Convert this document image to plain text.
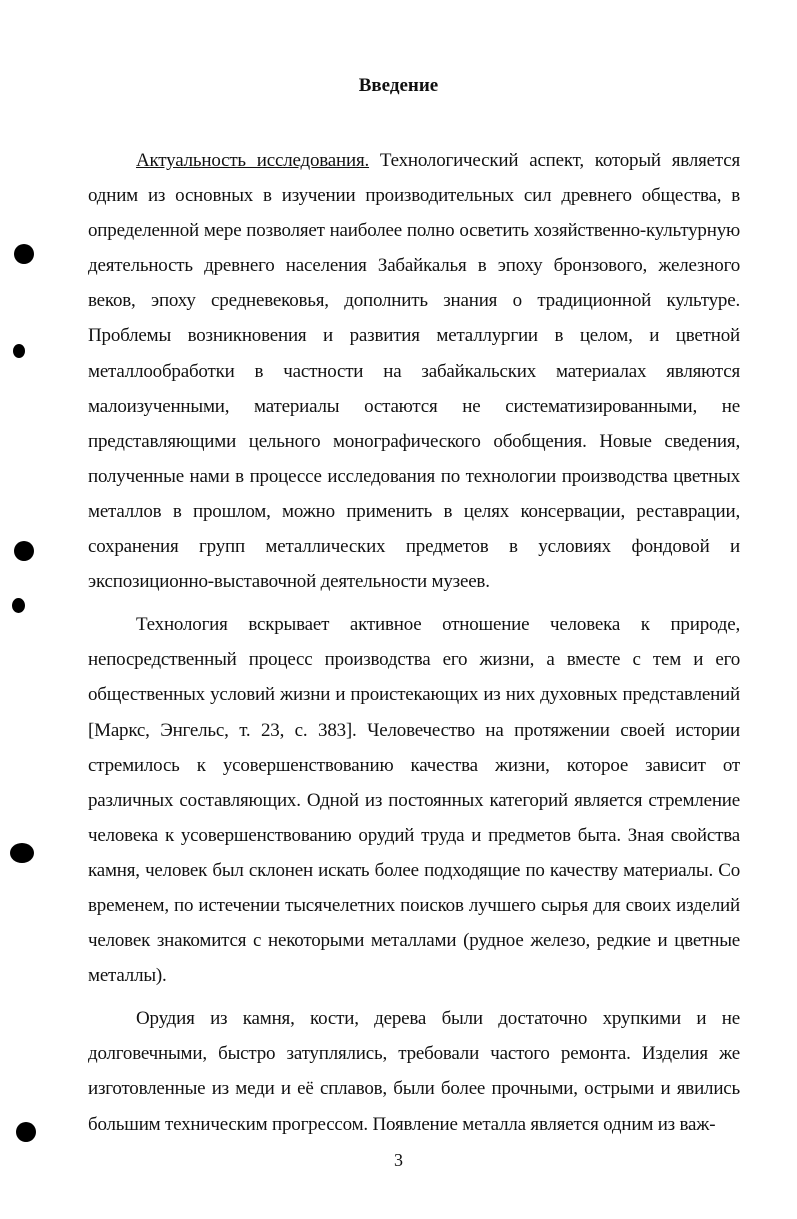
Введение

Актуальность исследования. Технологический аспект, который является одним из основных в изучении производительных сил древнего общества, в определенной мере позволяет наиболее полно осветить хозяйственно-культурную деятельность древнего населения Забайкалья в эпоху бронзового, железного веков, эпоху средневековья, дополнить знания о традиционной культуре. Проблемы возникновения и развития металлургии в целом, и цветной металлообработки в частности на забайкальских материалах являются малоизученными, материалы остаются не систематизированными, не представляющими цельного монографического обобщения. Новые сведения, полученные нами в процессе исследования по технологии производства цветных металлов в прошлом, можно применить в целях консервации, реставрации, сохранения групп металлических предметов в условиях фондовой и экспозиционно-выставочной деятельности музеев.

Технология вскрывает активное отношение человека к природе, непосредственный процесс производства его жизни, а вместе с тем и его общественных условий жизни и проистекающих из них духовных представлений [Маркс, Энгельс, т. 23, с. 383]. Человечество на протяжении своей истории стремилось к усовершенствованию качества жизни, которое зависит от различных составляющих. Одной из постоянных категорий является стремление человека к усовершенствованию орудий труда и предметов быта. Зная свойства камня, человек был склонен искать более подходящие по качеству материалы. Со временем, по истечении тысячелетних поисков лучшего сырья для своих изделий человек знакомится с некоторыми металлами (рудное железо, редкие и цветные металлы).

Орудия из камня, кости, дерева были достаточно хрупкими и не долговечными, быстро затуплялись, требовали частого ремонта. Изделия же изготовленные из меди и её сплавов, были более прочными, острыми и явились большим техническим прогрессом. Появление металла является одним из важ-

3
